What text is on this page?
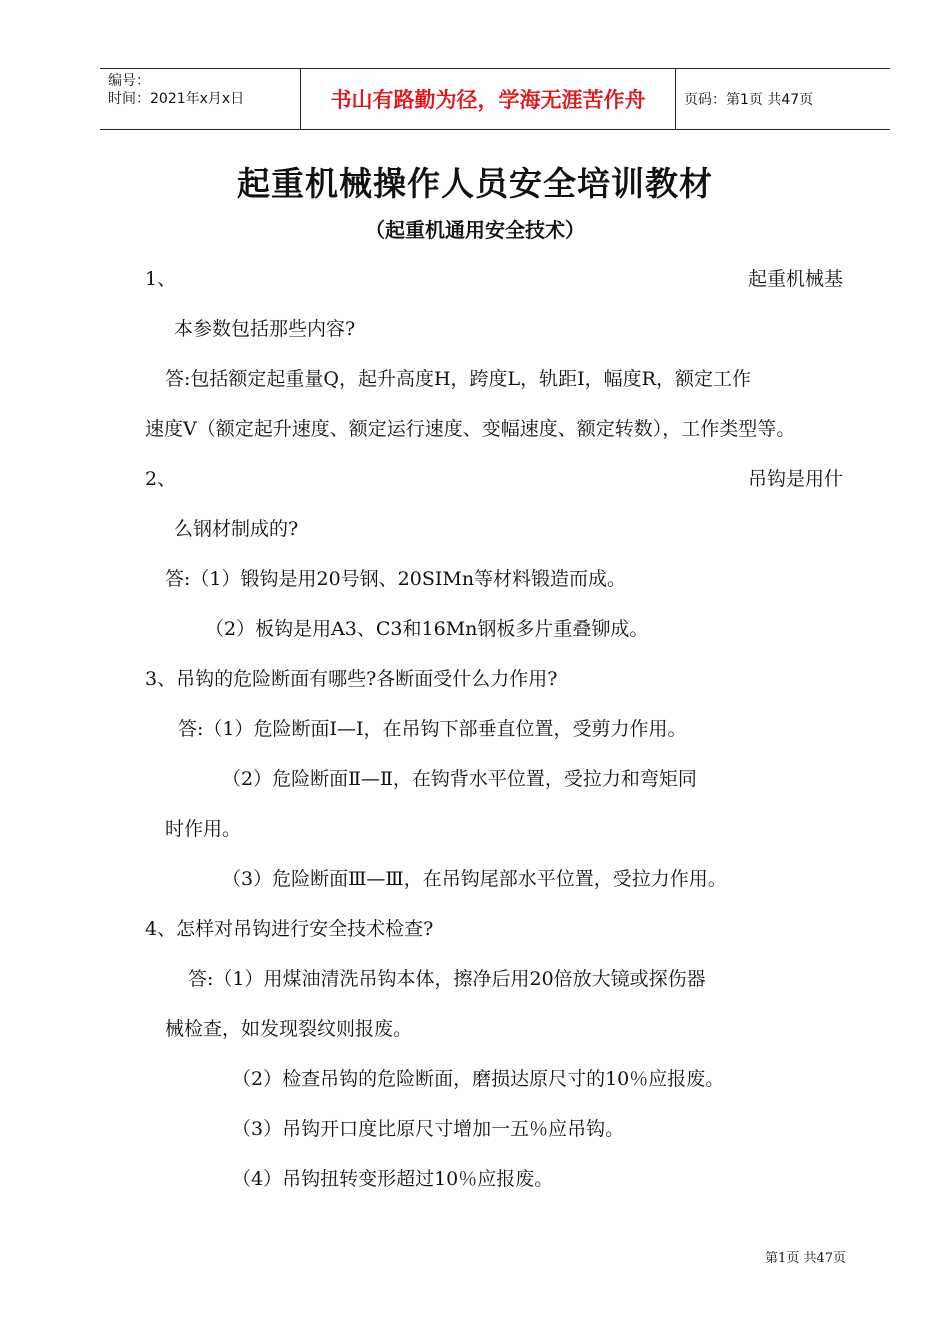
编号：
时间：2021年x月x日	书山有路勤为径，学海无涯苦作舟	页码：第1页 共47页
起重机械操作人员安全培训教材
（起重机通用安全技术）
1、	起重机械基
本参数包括那些内容?
答:包括额定起重量Q，起升高度H，跨度L，轨距I，幅度R，额定工作
速度V（额定起升速度、额定运行速度、变幅速度、额定转数），工作类型等。
2、	吊钩是用什
么钢材制成的?
答:（1）锻钩是用20号钢、20SIMn等材料锻造而成。
（2）板钩是用A3、C3和16Mn钢板多片重叠铆成。
3、吊钩的危险断面有哪些?各断面受什么力作用?
答:（1）危险断面Ⅰ—Ⅰ，在吊钩下部垂直位置，受剪力作用。
（2）危险断面Ⅱ—Ⅱ，在钩背水平位置，受拉力和弯矩同
时作用。
（3）危险断面Ⅲ—Ⅲ，在吊钩尾部水平位置，受拉力作用。
4、怎样对吊钩进行安全技术检查?
答:（1）用煤油清洗吊钩本体，擦净后用20倍放大镜或探伤器
械检查，如发现裂纹则报废。
（2）检查吊钩的危险断面，磨损达原尺寸的10％应报废。
（3）吊钩开口度比原尺寸增加一五％应吊钩。
（4）吊钩扭转变形超过10％应报废。
第1页 共47页
